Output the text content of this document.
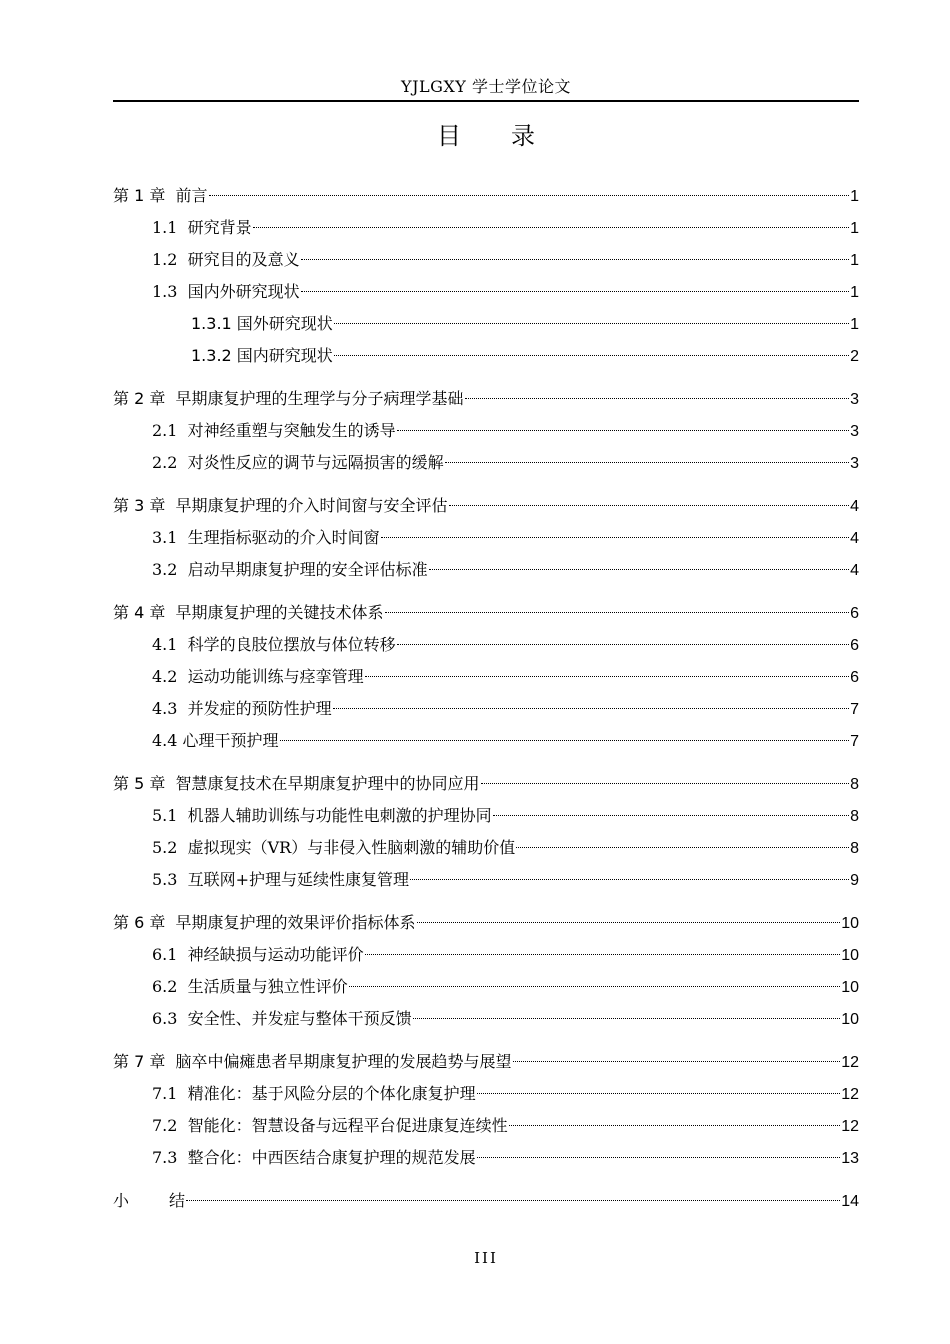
YJLGXY 学士学位论文
目 录
第 1 章 前言	1
1.1 研究背景	1
1.2 研究目的及意义	1
1.3 国内外研究现状	1
1.3.1 国外研究现状	1
1.3.2 国内研究现状	2
第 2 章 早期康复护理的生理学与分子病理学基础	3
2.1 对神经重塑与突触发生的诱导	3
2.2 对炎性反应的调节与远隔损害的缓解	3
第 3 章 早期康复护理的介入时间窗与安全评估	4
3.1 生理指标驱动的介入时间窗	4
3.2 启动早期康复护理的安全评估标准	4
第 4 章 早期康复护理的关键技术体系	6
4.1 科学的良肢位摆放与体位转移	6
4.2 运动功能训练与痉挛管理	6
4.3 并发症的预防性护理	7
4.4 心理干预护理	7
第 5 章 智慧康复技术在早期康复护理中的协同应用	8
5.1 机器人辅助训练与功能性电刺激的护理协同	8
5.2 虚拟现实（VR）与非侵入性脑刺激的辅助价值	8
5.3 互联网+护理与延续性康复管理	9
第 6 章 早期康复护理的效果评价指标体系	10
6.1 神经缺损与运动功能评价	10
6.2 生活质量与独立性评价	10
6.3 安全性、并发症与整体干预反馈	10
第 7 章 脑卒中偏瘫患者早期康复护理的发展趋势与展望	12
7.1 精准化：基于风险分层的个体化康复护理	12
7.2 智能化：智慧设备与远程平台促进康复连续性	12
7.3 整合化：中西医结合康复护理的规范发展	13
小	结	14
III
